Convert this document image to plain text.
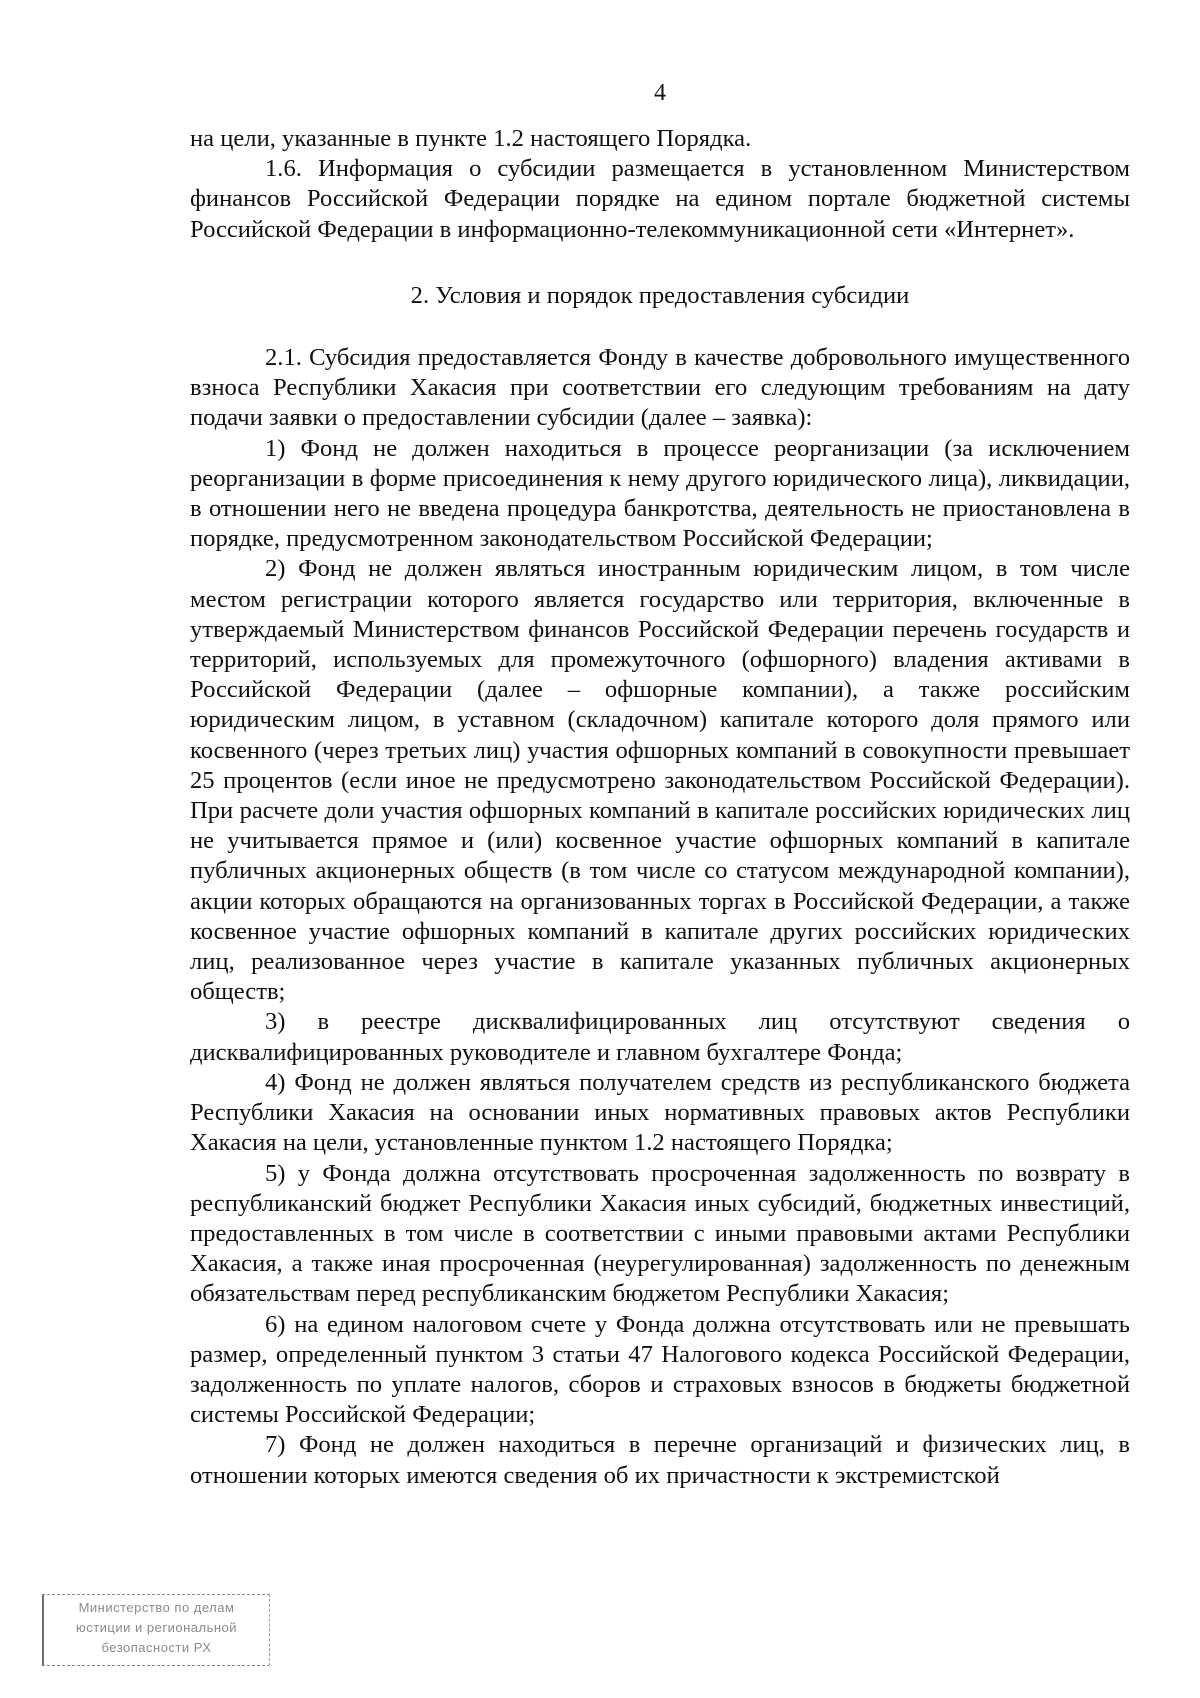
4

на цели, указанные в пункте 1.2 настоящего Порядка.

1.6. Информация о субсидии размещается в установленном Министерством финансов Российской Федерации порядке на едином портале бюджетной системы Российской Федерации в информационно-телекоммуникационной сети «Интернет».

2. Условия и порядок предоставления субсидии

2.1. Субсидия предоставляется Фонду в качестве добровольного имущественного взноса Республики Хакасия при соответствии его следующим требованиям на дату подачи заявки о предоставлении субсидии (далее – заявка):

1) Фонд не должен находиться в процессе реорганизации (за исключением реорганизации в форме присоединения к нему другого юридического лица), ликвидации, в отношении него не введена процедура банкротства, деятельность не приостановлена в порядке, предусмотренном законодательством Российской Федерации;

2) Фонд не должен являться иностранным юридическим лицом, в том числе местом регистрации которого является государство или территория, включенные в утверждаемый Министерством финансов Российской Федерации перечень государств и территорий, используемых для промежуточного (офшорного) владения активами в Российской Федерации (далее – офшорные компании), а также российским юридическим лицом, в уставном (складочном) капитале которого доля прямого или косвенного (через третьих лиц) участия офшорных компаний в совокупности превышает 25 процентов (если иное не предусмотрено законодательством Российской Федерации). При расчете доли участия офшорных компаний в капитале российских юридических лиц не учитывается прямое и (или) косвенное участие офшорных компаний в капитале публичных акционерных обществ (в том числе со статусом международной компании), акции которых обращаются на организованных торгах в Российской Федерации, а также косвенное участие офшорных компаний в капитале других российских юридических лиц, реализованное через участие в капитале указанных публичных акционерных обществ;

3) в реестре дисквалифицированных лиц отсутствуют сведения о дисквалифицированных руководителе и главном бухгалтере Фонда;

4) Фонд не должен являться получателем средств из республиканского бюджета Республики Хакасия на основании иных нормативных правовых актов Республики Хакасия на цели, установленные пунктом 1.2 настоящего Порядка;

5) у Фонда должна отсутствовать просроченная задолженность по возврату в республиканский бюджет Республики Хакасия иных субсидий, бюджетных инвестиций, предоставленных в том числе в соответствии с иными правовыми актами Республики Хакасия, а также иная просроченная (неурегулированная) задолженность по денежным обязательствам перед республиканским бюджетом Республики Хакасия;

6) на едином налоговом счете у Фонда должна отсутствовать или не превышать размер, определенный пунктом 3 статьи 47 Налогового кодекса Российской Федерации, задолженность по уплате налогов, сборов и страховых взносов в бюджеты бюджетной системы Российской Федерации;

7) Фонд не должен находиться в перечне организаций и физических лиц, в отношении которых имеются сведения об их причастности к экстремистской

Министерство по делам
юстиции и региональной
безопасности РХ
